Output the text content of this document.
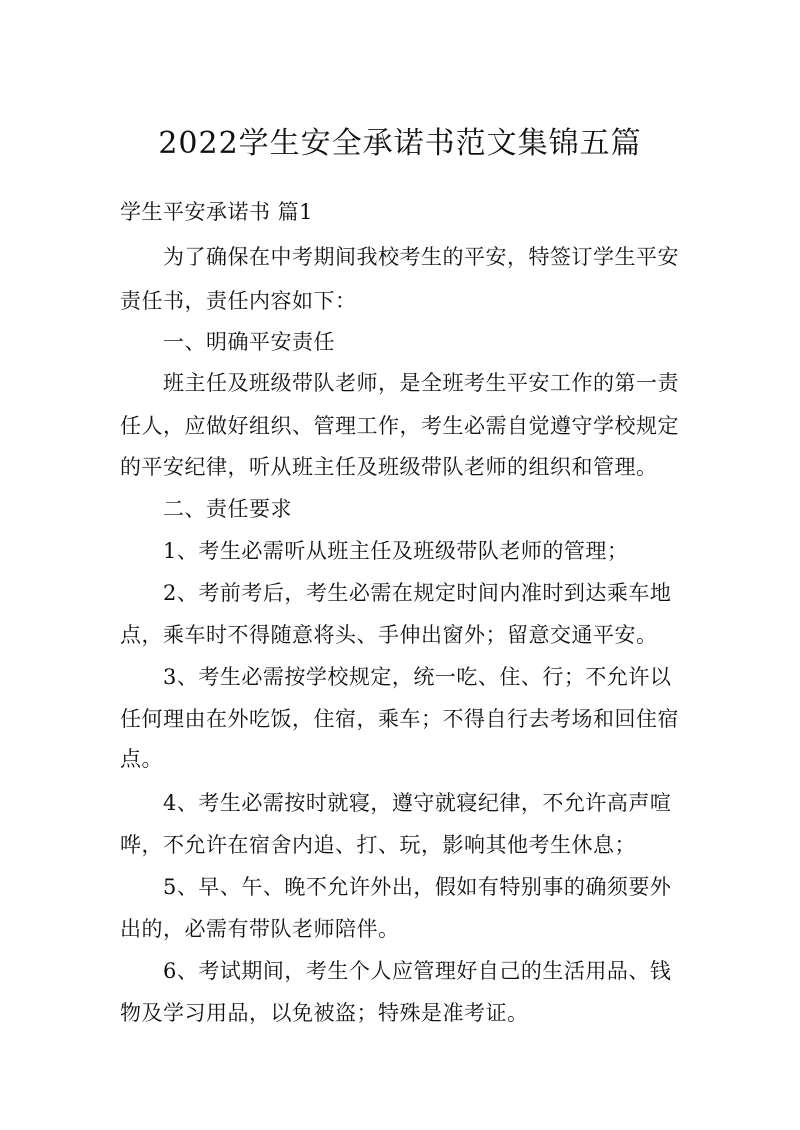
2022学生安全承诺书范文集锦五篇
学生平安承诺书 篇1
　　为了确保在中考期间我校考生的平安，特签订学生平安
责任书，责任内容如下：
　　一、明确平安责任
　　班主任及班级带队老师，是全班考生平安工作的第一责
任人，应做好组织、管理工作，考生必需自觉遵守学校规定
的平安纪律，听从班主任及班级带队老师的组织和管理。
　　二、责任要求
　　1、考生必需听从班主任及班级带队老师的管理；
　　2、考前考后，考生必需在规定时间内准时到达乘车地
点，乘车时不得随意将头、手伸出窗外；留意交通平安。
　　3、考生必需按学校规定，统一吃、住、行；不允许以
任何理由在外吃饭，住宿，乘车；不得自行去考场和回住宿
点。
　　4、考生必需按时就寝，遵守就寝纪律，不允许高声喧
哗，不允许在宿舍内追、打、玩，影响其他考生休息；
　　5、早、午、晚不允许外出，假如有特别事的确须要外
出的，必需有带队老师陪伴。
　　6、考试期间，考生个人应管理好自己的生活用品、钱
物及学习用品，以免被盗；特殊是准考证。
